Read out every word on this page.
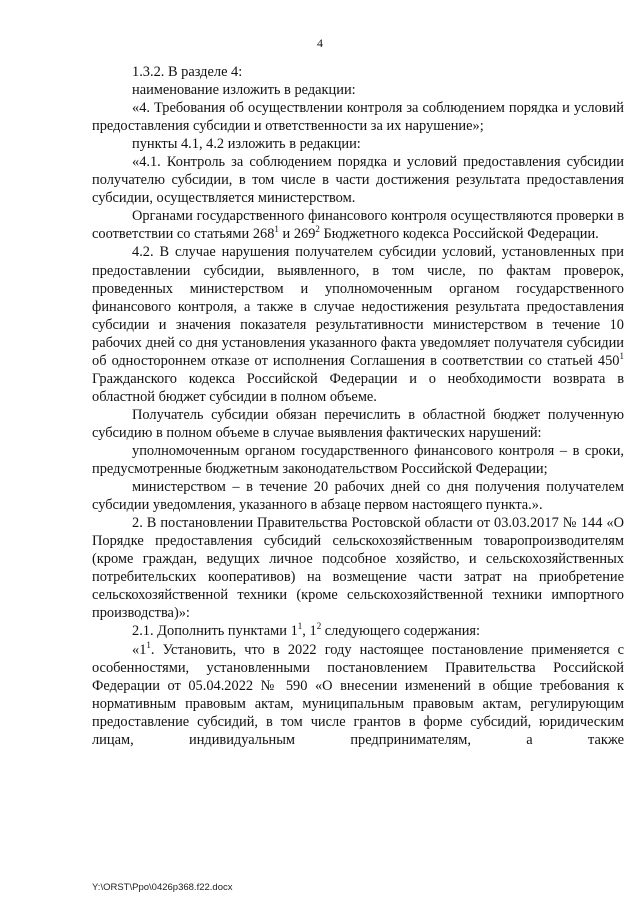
4

1.3.2. В разделе 4:

наименование изложить в редакции:

«4. Требования об осуществлении контроля за соблюдением порядка и условий предоставления субсидии и ответственности за их нарушение»;

пункты 4.1, 4.2 изложить в редакции:

«4.1. Контроль за соблюдением порядка и условий предоставления субсидии получателю субсидии, в том числе в части достижения результата предоставления субсидии, осуществляется министерством.

Органами государственного финансового контроля осуществляются проверки в соответствии со статьями $268^1$ и $269^2$ Бюджетного кодекса Российской Федерации.

4.2. В случае нарушения получателем субсидии условий, установленных при предоставлении субсидии, выявленного, в том числе, по фактам проверок, проведенных министерством и уполномоченным органом государственного финансового контроля, а также в случае недостижения результата предоставления субсидии и значения показателя результативности министерством в течение 10 рабочих дней со дня установления указанного факта уведомляет получателя субсидии об одностороннем отказе от исполнения Соглашения в соответствии со статьей $450^1$ Гражданского кодекса Российской Федерации и о необходимости возврата в областной бюджет субсидии в полном объеме.

Получатель субсидии обязан перечислить в областной бюджет полученную субсидию в полном объеме в случае выявления фактических нарушений:

уполномоченным органом государственного финансового контроля – в сроки, предусмотренные бюджетным законодательством Российской Федерации;

министерством – в течение 20 рабочих дней со дня получения получателем субсидии уведомления, указанного в абзаце первом настоящего пункта.».

2. В постановлении Правительства Ростовской области от 03.03.2017 № 144 «О Порядке предоставления субсидий сельскохозяйственным товаропроизводителям (кроме граждан, ведущих личное подсобное хозяйство, и сельскохозяйственных потребительских кооперативов) на возмещение части затрат на приобретение сельскохозяйственной техники (кроме сельскохозяйственной техники импортного производства)»:

2.1. Дополнить пунктами $1^1$, $1^2$ следующего содержания:

«$1^1$. Установить, что в 2022 году настоящее постановление применяется с особенностями, установленными постановлением Правительства Российской Федерации от 05.04.2022 № 590 «О внесении изменений в общие требования к нормативным правовым актам, муниципальным правовым актам, регулирующим предоставление субсидий, в том числе грантов в форме субсидий, юридическим лицам, индивидуальным предпринимателям, а также

Y:\ORST\Ppo\0426p368.f22.docx
